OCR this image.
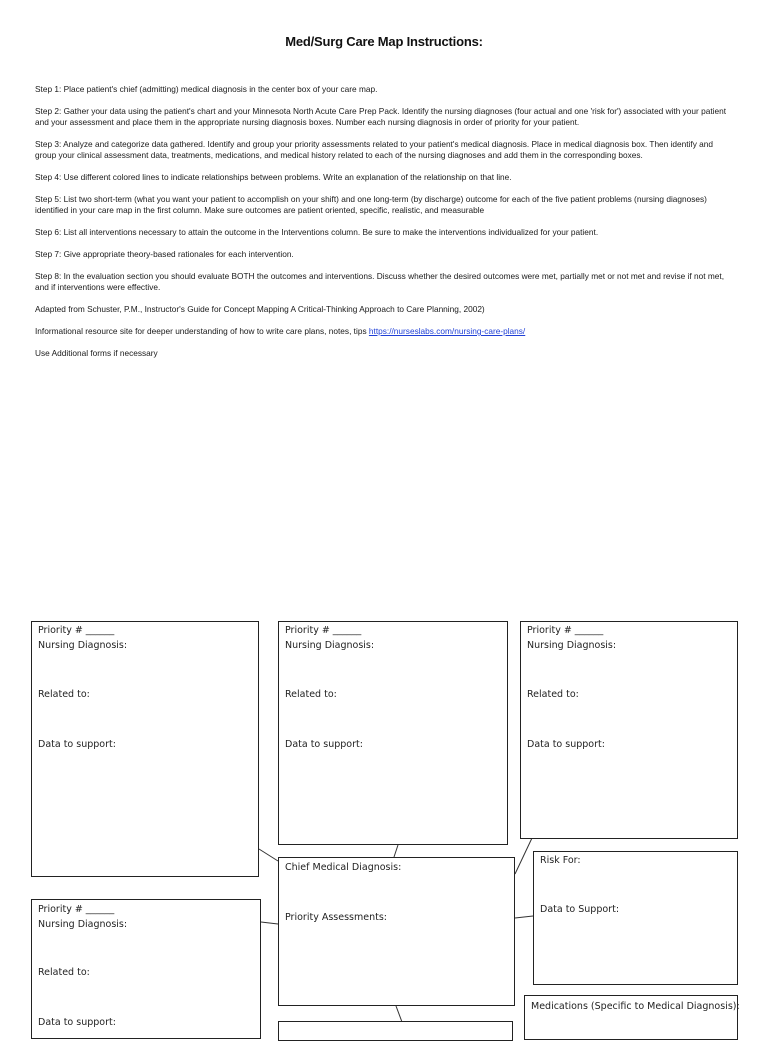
Med/Surg Care Map Instructions:

Step 1: Place patient's chief (admitting) medical diagnosis in the center box of your care map.

Step 2: Gather your data using the patient's chart and your Minnesota North Acute Care Prep Pack. Identify the nursing diagnoses (four actual and one 'risk for') associated with your patient and your assessment and place them in the appropriate nursing diagnosis boxes. Number each nursing diagnosis in order of priority for your patient.

Step 3: Analyze and categorize data gathered. Identify and group your priority assessments related to your patient's medical diagnosis. Place in medical diagnosis box. Then identify and group your clinical assessment data, treatments, medications, and medical history related to each of the nursing diagnoses and add them in the corresponding boxes.

Step 4: Use different colored lines to indicate relationships between problems. Write an explanation of the relationship on that line.

Step 5: List two short-term (what you want your patient to accomplish on your shift) and one long-term (by discharge) outcome for each of the five patient problems (nursing diagnoses) identified in your care map in the first column. Make sure outcomes are patient oriented, specific, realistic, and measurable

Step 6: List all interventions necessary to attain the outcome in the Interventions column. Be sure to make the interventions individualized for your patient.

Step 7: Give appropriate theory-based rationales for each intervention.

Step 8: In the evaluation section you should evaluate BOTH the outcomes and interventions. Discuss whether the desired outcomes were met, partially met or not met and revise if not met, and if interventions were effective.

Adapted from Schuster, P.M., Instructor's Guide for Concept Mapping A Critical-Thinking Approach to Care Planning, 2002)

Informational resource site for deeper understanding of how to write care plans, notes, tips https://nurseslabs.com/nursing-care-plans/

Use Additional forms if necessary

Priority # ______
Nursing Diagnosis:
Related to:
Data to support:
Priority # ______
Nursing Diagnosis:
Related to:
Data to support:
Priority # ______
Nursing Diagnosis:
Related to:
Data to support:
Chief Medical Diagnosis:
Priority Assessments:
Risk For:
Data to Support:
Priority # ______
Nursing Diagnosis:
Related to:
Data to support:
Medications (Specific to Medical Diagnosis):
